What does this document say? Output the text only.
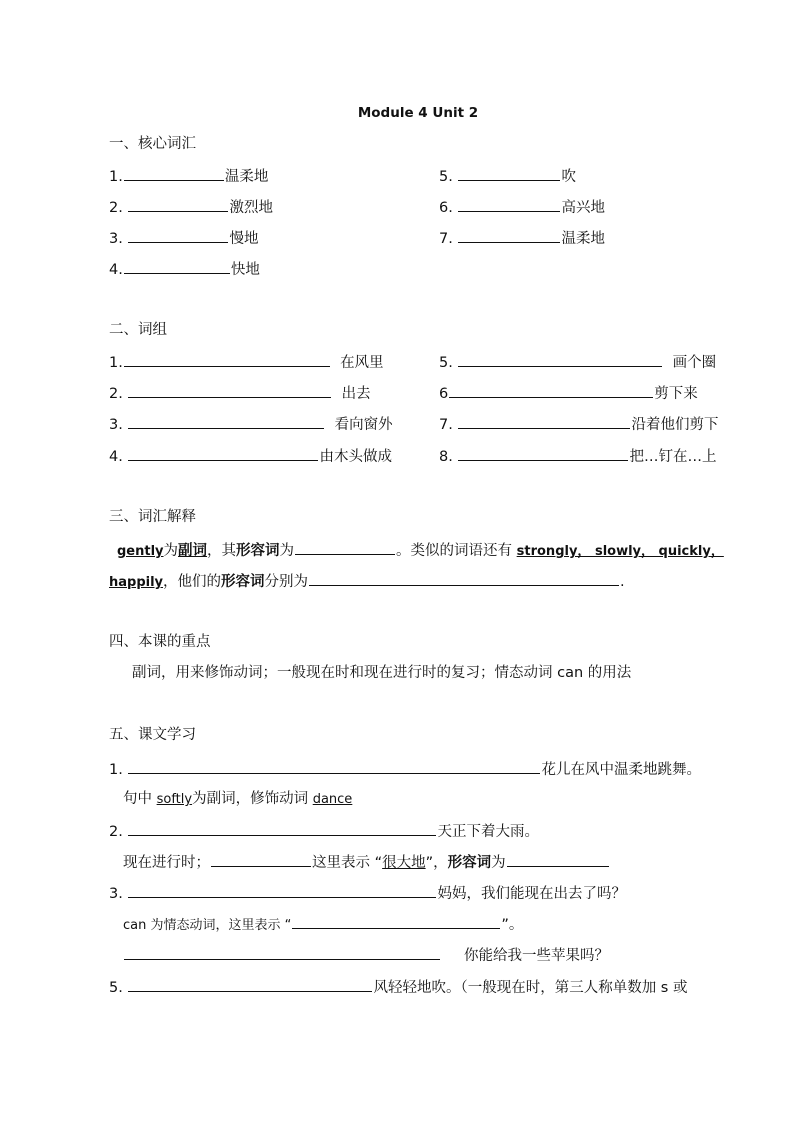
Module 4 Unit 2
一、核心词汇
1.	温柔地
2.	激烈地
3.	慢地
4.	快地
5.	吹
6.	高兴地
7.	温柔地
二、词组
1.	在风里
2.	出去
3.	看向窗外
4.	由木头做成
5.	画个圈
6	剪下来
7.	沿着他们剪下
8.	把…钉在…上
三、词汇解释
gently为副词，其形容词为	。类似的词语还有 strongly， slowly， quickly，
happily，他们的形容词分别为	.
四、本课的重点
副词，用来修饰动词；一般现在时和现在进行时的复习；情态动词 can 的用法
五、课文学习
1.	花儿在风中温柔地跳舞。
句中 softly为副词，修饰动词 dance
2.	天正下着大雨。
现在进行时；	这里表示 “很大地”，形容词为
3.	妈妈，我们能现在出去了吗？
can 为情态动词，这里表示 “	”。
你能给我一些苹果吗？
5.	风轻轻地吹。（一般现在时，第三人称单数加 s 或
